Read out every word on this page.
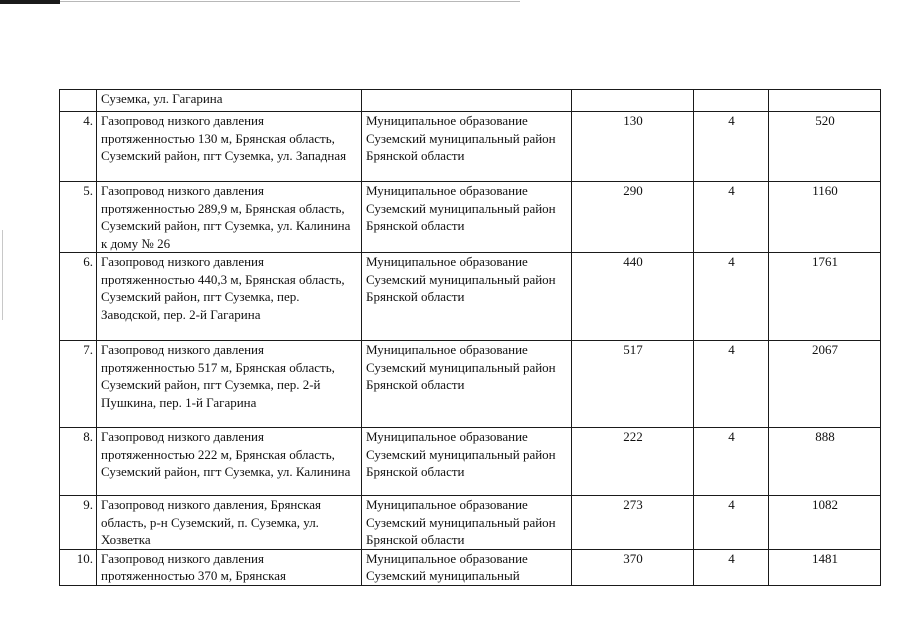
	Суземка, ул. Гагарина				
4.	Газопровод низкого давления протяженностью 130 м, Брянская область, Суземский район, пгт Суземка, ул. Западная	Муниципальное образование Суземский муниципальный район Брянской области	130	4	520
5.	Газопровод низкого давления протяженностью 289,9 м, Брянская область, Суземский район, пгт Суземка, ул. Калинина к дому № 26	Муниципальное образование Суземский муниципальный район Брянской области	290	4	1160
6.	Газопровод низкого давления протяженностью 440,3 м, Брянская область, Суземский район, пгт Суземка, пер. Заводской, пер. 2-й Гагарина	Муниципальное образование Суземский муниципальный район Брянской области	440	4	1761
7.	Газопровод низкого давления протяженностью 517 м, Брянская область, Суземский район, пгт Суземка, пер. 2-й Пушкина, пер. 1-й Гагарина	Муниципальное образование Суземский муниципальный район Брянской области	517	4	2067
8.	Газопровод низкого давления протяженностью 222 м, Брянская область, Суземский район, пгт Суземка, ул. Калинина	Муниципальное образование Суземский муниципальный район Брянской области	222	4	888
9.	Газопровод низкого давления, Брянская область, р-н Суземский, п. Суземка, ул. Хозветка	Муниципальное образование Суземский муниципальный район Брянской области	273	4	1082
10.	Газопровод низкого давления протяженностью 370 м, Брянская	Муниципальное образование Суземский муниципальный	370	4	1481
